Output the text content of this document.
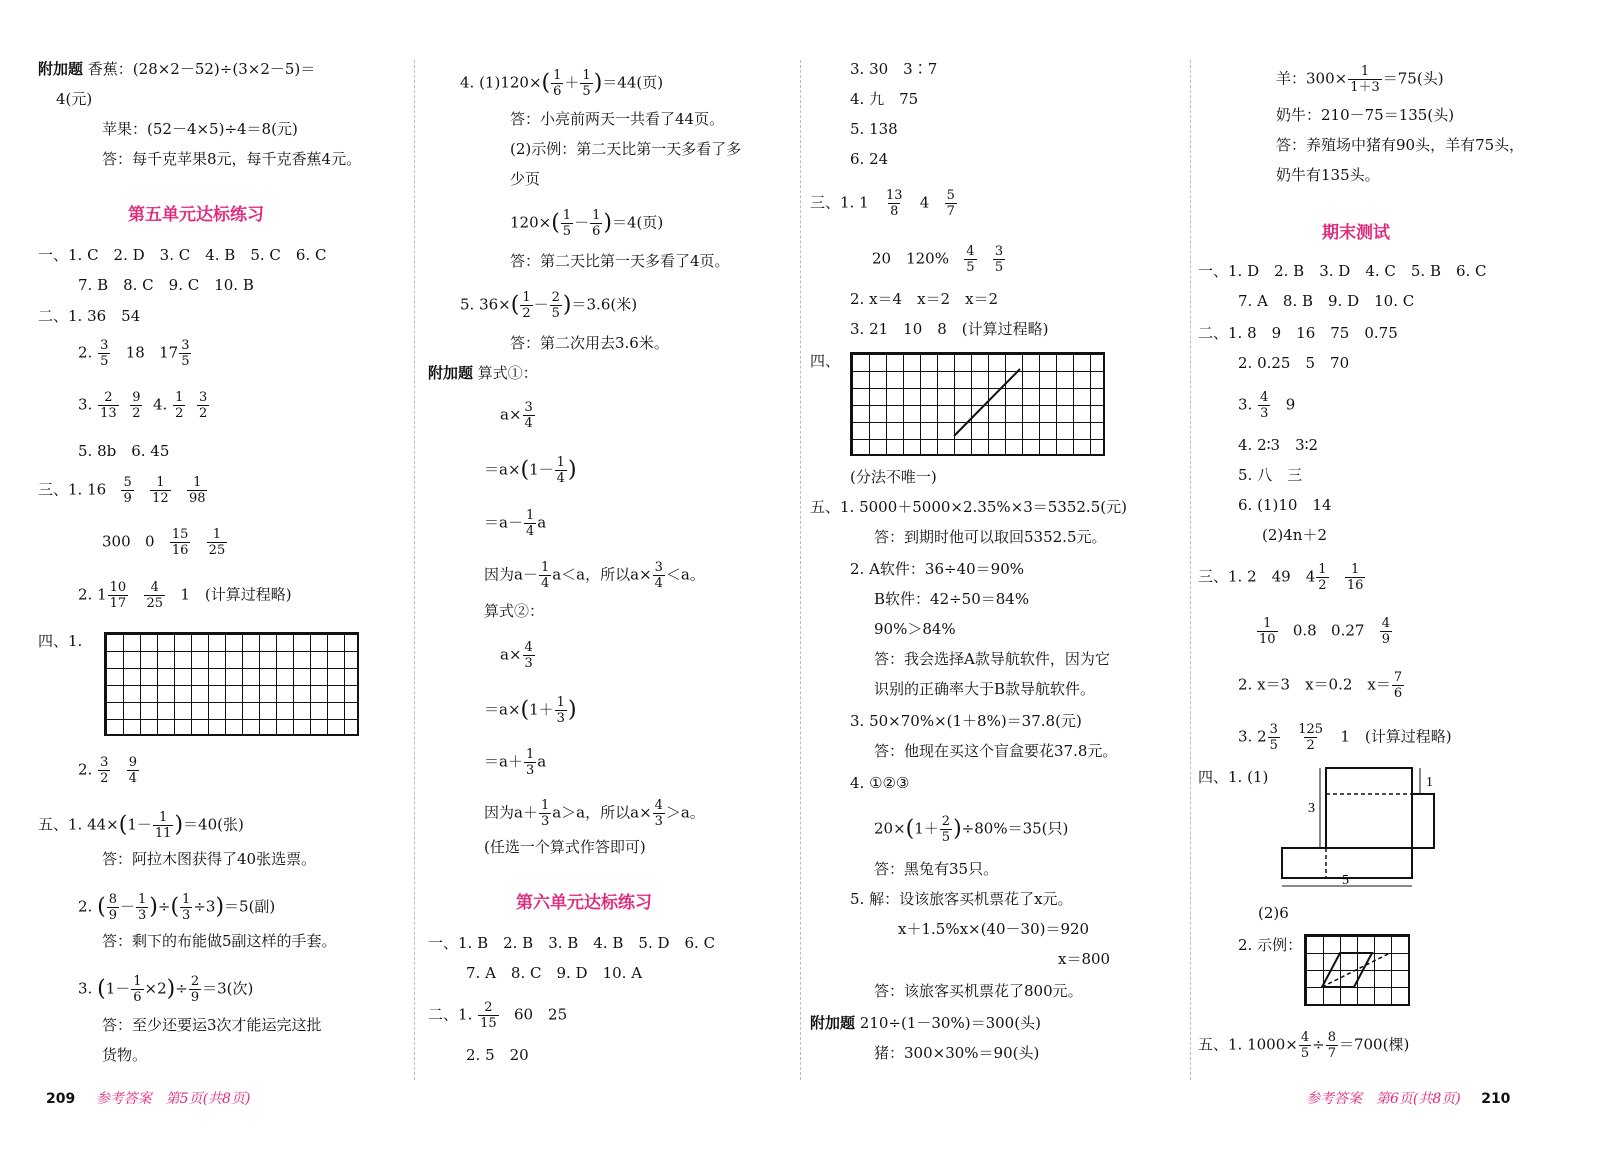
附加题 香蕉：(28×2－52)÷(3×2－5)＝
4(元)
苹果：(52－4×5)÷4＝8(元)
答：每千克苹果8元，每千克香蕉4元。
第五单元达标练习
一、1. C　2. D　3. C　4. B　5. C　6. C
7. B　8. C　9. C　10. B
二、1. 36　54
2. $\frac{3}{5} 18$ $17 \frac{3}{5}$
3. $\frac{2}{13}$
$\frac{9}{2} 4$. $\frac{1}{2}$
$\frac{3}{2}$
5. 8b　6. 45
三、1. $16 \frac{5}{9}$
$\frac{1}{12}$
$\frac{1}{98}$
300 $0 \frac{15}{16}$
$\frac{1}{25}$
2. $1 \frac{10}{17}$
$\frac{4}{25} 1$　(计算过程略)
四、1.
2. $\frac{3}{2}$
$\frac{9}{4}$
五、1. $44\times(1- \frac{1}{11} )=40$(张)
答：阿拉木图获得了40张选票。
2. ( $\frac{8}{9} - \frac{1}{3}$ )÷( $\frac{1}{3} \div 3)=5$(副)
答：剩下的布能做5副这样的手套。
3. $(1- \frac{1}{6} \times 2)\div \frac{2}{9} =3$(次)
答：至少还要运3次才能运完这批
货物。
209 参考答案　第5页(共8页)
4. $(1)120\times( \frac{1}{6} + \frac{1}{5} )=44$(页)
答：小亮前两天一共看了44页。
(2)示例：第二天比第一天多看了多
少页
$120\times( \frac{1}{5} - \frac{1}{6} )=4$(页)
答：第二天比第一天多看了4页。
5. $36\times( \frac{1}{2} - \frac{2}{5} )=3.6$(米)
答：第二次用去3.6米。
附加题 算式①：
$a\times \frac{3}{4}$
$=a\times(1- \frac{1}{4}$ )
$=a- \frac{1}{4}$ a
因为$a- \frac{1}{4} a<a$，所以$a\times \frac{3}{4} <a$。
算式②：
$a\times \frac{4}{3}$
$=a\times(1+ \frac{1}{3}$ )
$=a+ \frac{1}{3}$ a
因为$a+ \frac{1}{3} a>a$，所以$a\times \frac{4}{3} >a$。
(任选一个算式作答即可)
第六单元达标练习
一、1. B　2. B　3. B　4. B　5. D　6. C
7. A　8. C　9. D　10. A
二、1. $\frac{2}{15} 60$　25
2. 5　20
3. 30　3∶7
4. 九　75
5. 138
6. 24
三、1. $1 \frac{13}{8} 4 \frac{5}{7}$
20　$120\% \frac{4}{5}$
$\frac{3}{5}$
2. x＝4　x＝2　x＝2
3. 21　10　8　(计算过程略)
四、
(分法不唯一)
五、1. 5000＋5000×2.35%×3＝5352.5(元)
答：到期时他可以取回5352.5元。
2. A软件：36÷40＝90%
B软件：42÷50＝84%
90%＞84%
答：我会选择A款导航软件，因为它
识别的正确率大于B款导航软件。
3. 50×70%×(1＋8%)＝37.8(元)
答：他现在买这个盲盒要花37.8元。
4. ①②③
$20\times(1+ \frac{2}{5} )\div 80\%=35$(只)
答：黑兔有35只。
5. 解：设该旅客买机票花了x元。
x＋1.5%x×(40－30)＝920
x＝800
答：该旅客买机票花了800元。
附加题 210÷(1－30%)＝300(头)
猪：300×30%＝90(头)
羊：$300\times \frac{1}{1+3} =75$(头)
奶牛：210－75＝135(头)
答：养殖场中猪有90头，羊有75头，
奶牛有135头。
期末测试
一、1. D　2. B　3. D　4. C　5. B　6. C
7. A　8. B　9. D　10. C
二、1. 8　9　16　75　0.75
2. 0.25　5　70
3. $\frac{4}{3} 9$
4. 2∶3　3∶2
5. 八　三
6. (1)10　14
(2)4n＋2
三、1. 2　49　$4 \frac{1}{2}$
$\frac{1}{16}$
$\frac{1}{10} 0.8$ $0.27 \frac{4}{9}$
2. x＝3　x＝0.2　$x= \frac{7}{6}$
3. $2 \frac{3}{5}$
$\frac{125}{2} 1$　(计算过程略)
四、1. (1)
3
1
5
(2)6
2. 示例：
五、1. $1000\times \frac{4}{5} \div \frac{8}{7} =700$(棵)
参考答案　第6页(共8页) 210
